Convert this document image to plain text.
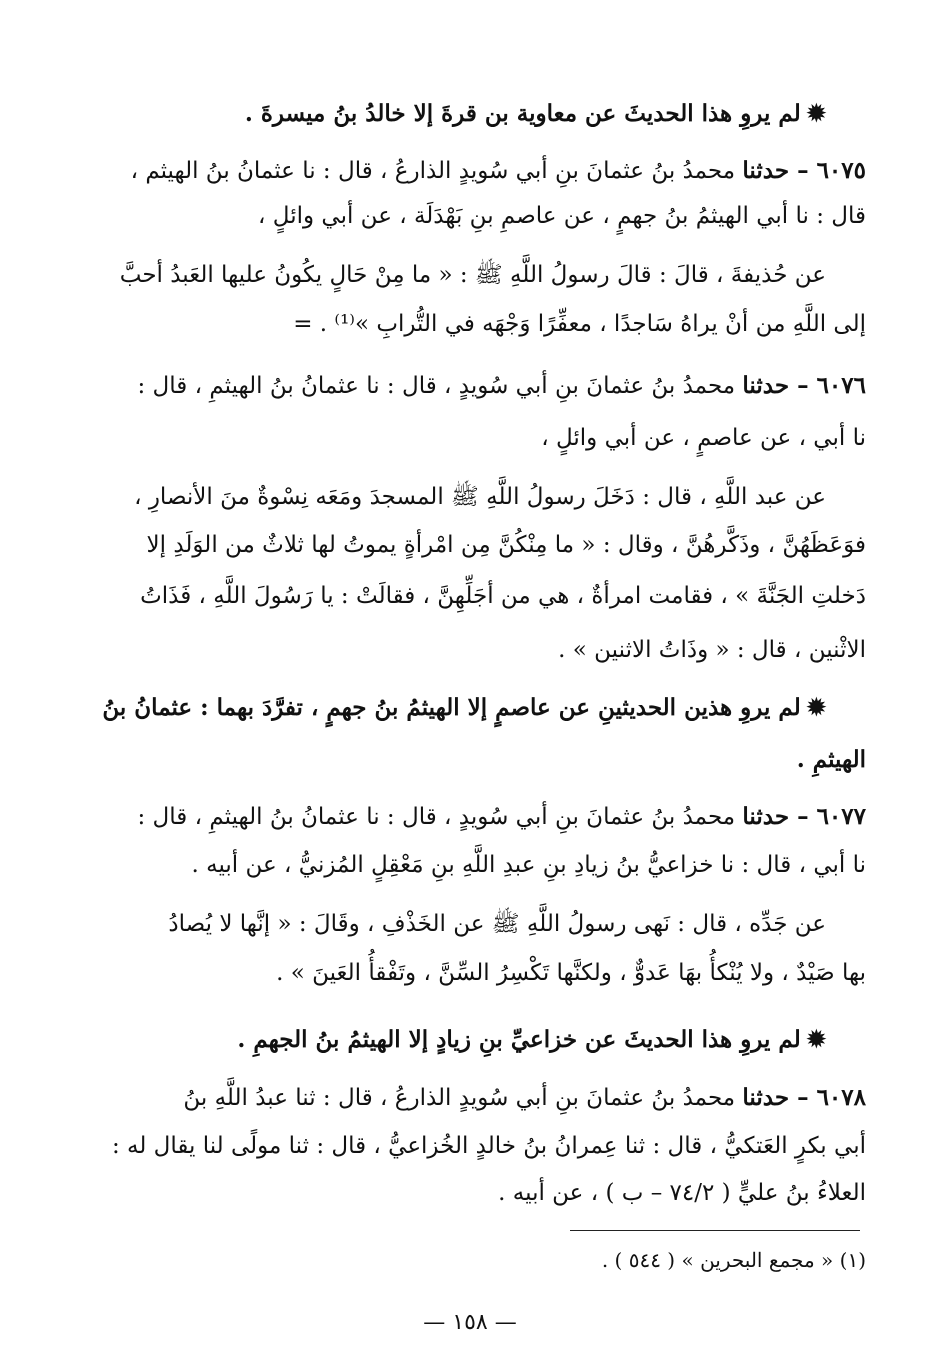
✹لم يروِ هذا الحديثَ عن معاوية بن قرةَ إلا خالدُ بنُ ميسرةَ .
٦٠٧٥ – حدثنا محمدُ بنُ عثمانَ بنِ أبي سُويدٍ الذارعُ ، قال : نا عثمانُ بنُ الهيثم ،
قال : نا أبي الهيثمُ بنُ جهمٍ ، عن عاصمِ بنِ بَهْدَلَة ، عن أبي وائلٍ ،
عن حُذيفةَ ، قالَ : قالَ رسولُ اللَّهِ ﷺ : « ما مِنْ حَالٍ يكُونُ عليها العَبدُ أحبَّ
إلى اللَّهِ من أنْ يراهُ سَاجدًا ، معفِّرًا وَجْهَه في التُّرابِ »⁽¹⁾ . =
٦٠٧٦ – حدثنا محمدُ بنُ عثمانَ بنِ أبي سُويدٍ ، قال : نا عثمانُ بنُ الهيثمِ ، قال :
نا أبي ، عن عاصمٍ ، عن أبي وائلٍ ،
عن عبد اللَّهِ ، قال : دَخَلَ رسولُ اللَّهِ ﷺ المسجدَ ومَعَه نِسْوةٌ منَ الأنصارِ ،
فوَعَظَهُنَّ ، وذَكَّرهُنَّ ، وقال : « ما مِنْكُنَّ مِن امْرأةٍ يموتُ لها ثلاثٌ من الوَلَدِ إلا
دَخلتِ الجَنَّةَ » ، فقامت امرأةٌ ، هي من أجَلِّهِنَّ ، فقالَتْ : يا رَسُولَ اللَّهِ ، فَذَاتُ
الاثْنين ، قال : « وذَاتُ الاثنين » .
✹لم يروِ هذين الحديثينِ عن عاصمٍ إلا الهيثمُ بنُ جهمٍ ، تفرَّدَ بهما : عثمانُ بنُ
الهيثمِ .
٦٠٧٧ – حدثنا محمدُ بنُ عثمانَ بنِ أبي سُويدٍ ، قال : نا عثمانُ بنُ الهيثمِ ، قال :
نا أبي ، قال : نا خزاعيُّ بنُ زيادِ بنِ عبدِ اللَّهِ بنِ مَعْقِلٍ المُزنيُّ ، عن أبيه .
عن جَدِّه ، قال : نَهى رسولُ اللَّهِ ﷺ عن الخَذْفِ ، وقَالَ : « إنَّها لا يُصادُ
بها صَيْدٌ ، ولا يُنْكأُ بهَا عَدوٌّ ، ولكنَّها تَكْسِرُ السِّنَّ ، وتَفْقأُ العَينَ » .
✹لم يروِ هذا الحديثَ عن خزاعيِّ بنِ زيادٍ إلا الهيثمُ بنُ الجهمِ .
٦٠٧٨ – حدثنا محمدُ بنُ عثمانَ بنِ أبي سُويدٍ الذارعُ ، قال : ثنا عبدُ اللَّهِ بنُ
أبي بكرٍ العَتكيُّ ، قال : ثنا عِمرانُ بنُ خالدٍ الخُزاعيُّ ، قال : ثنا مولًى لنا يقال له :
العلاءُ بنُ عليٍّ ( ٧٤/٢ – ب ) ، عن أبيه .
(١) « مجمع البحرين » ( ٥٤٤ ) .
— ١٥٨ —
